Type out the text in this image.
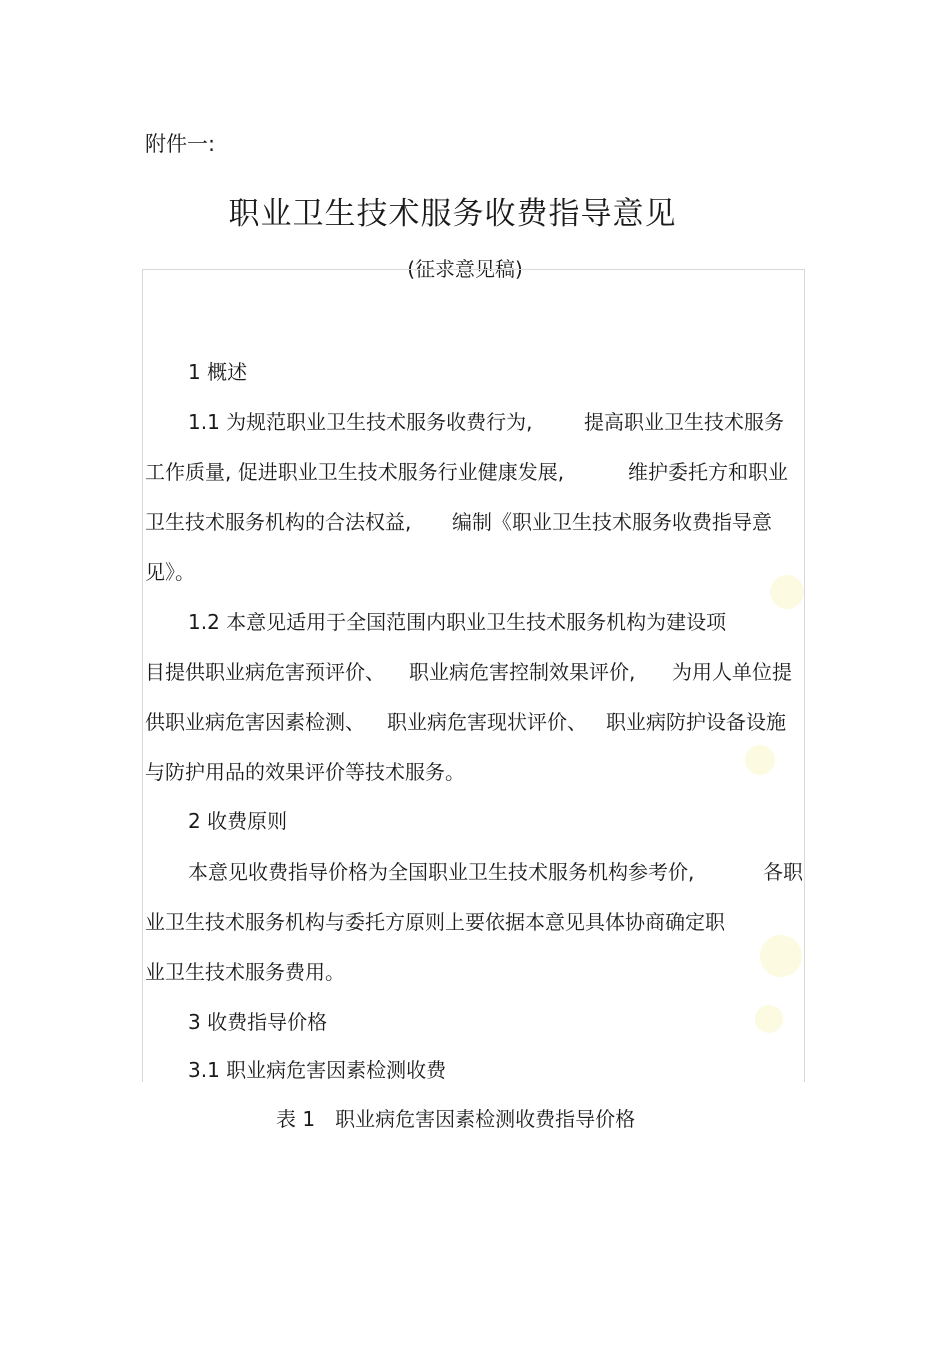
附件一:
职业卫生技术服务收费指导意见
(征求意见稿)
1 概述
1.1 为规范职业卫生技术服务收费行为,	提高职业卫生技术服务
工作质量, 促进职业卫生技术服务行业健康发展,	维护委托方和职业
卫生技术服务机构的合法权益, 编制《职业卫生技术服务收费指导意
见》。
1.2 本意见适用于全国范围内职业卫生技术服务机构为建设项
目提供职业病危害预评价、 职业病危害控制效果评价, 为用人单位提
供职业病危害因素检测、 职业病危害现状评价、 职业病防护设备设施
与防护用品的效果评价等技术服务。
2 收费原则
本意见收费指导价格为全国职业卫生技术服务机构参考价,	各职
业卫生技术服务机构与委托方原则上要依据本意见具体协商确定职
业卫生技术服务费用。
3 收费指导价格
3.1 职业病危害因素检测收费
表 1 职业病危害因素检测收费指导价格
